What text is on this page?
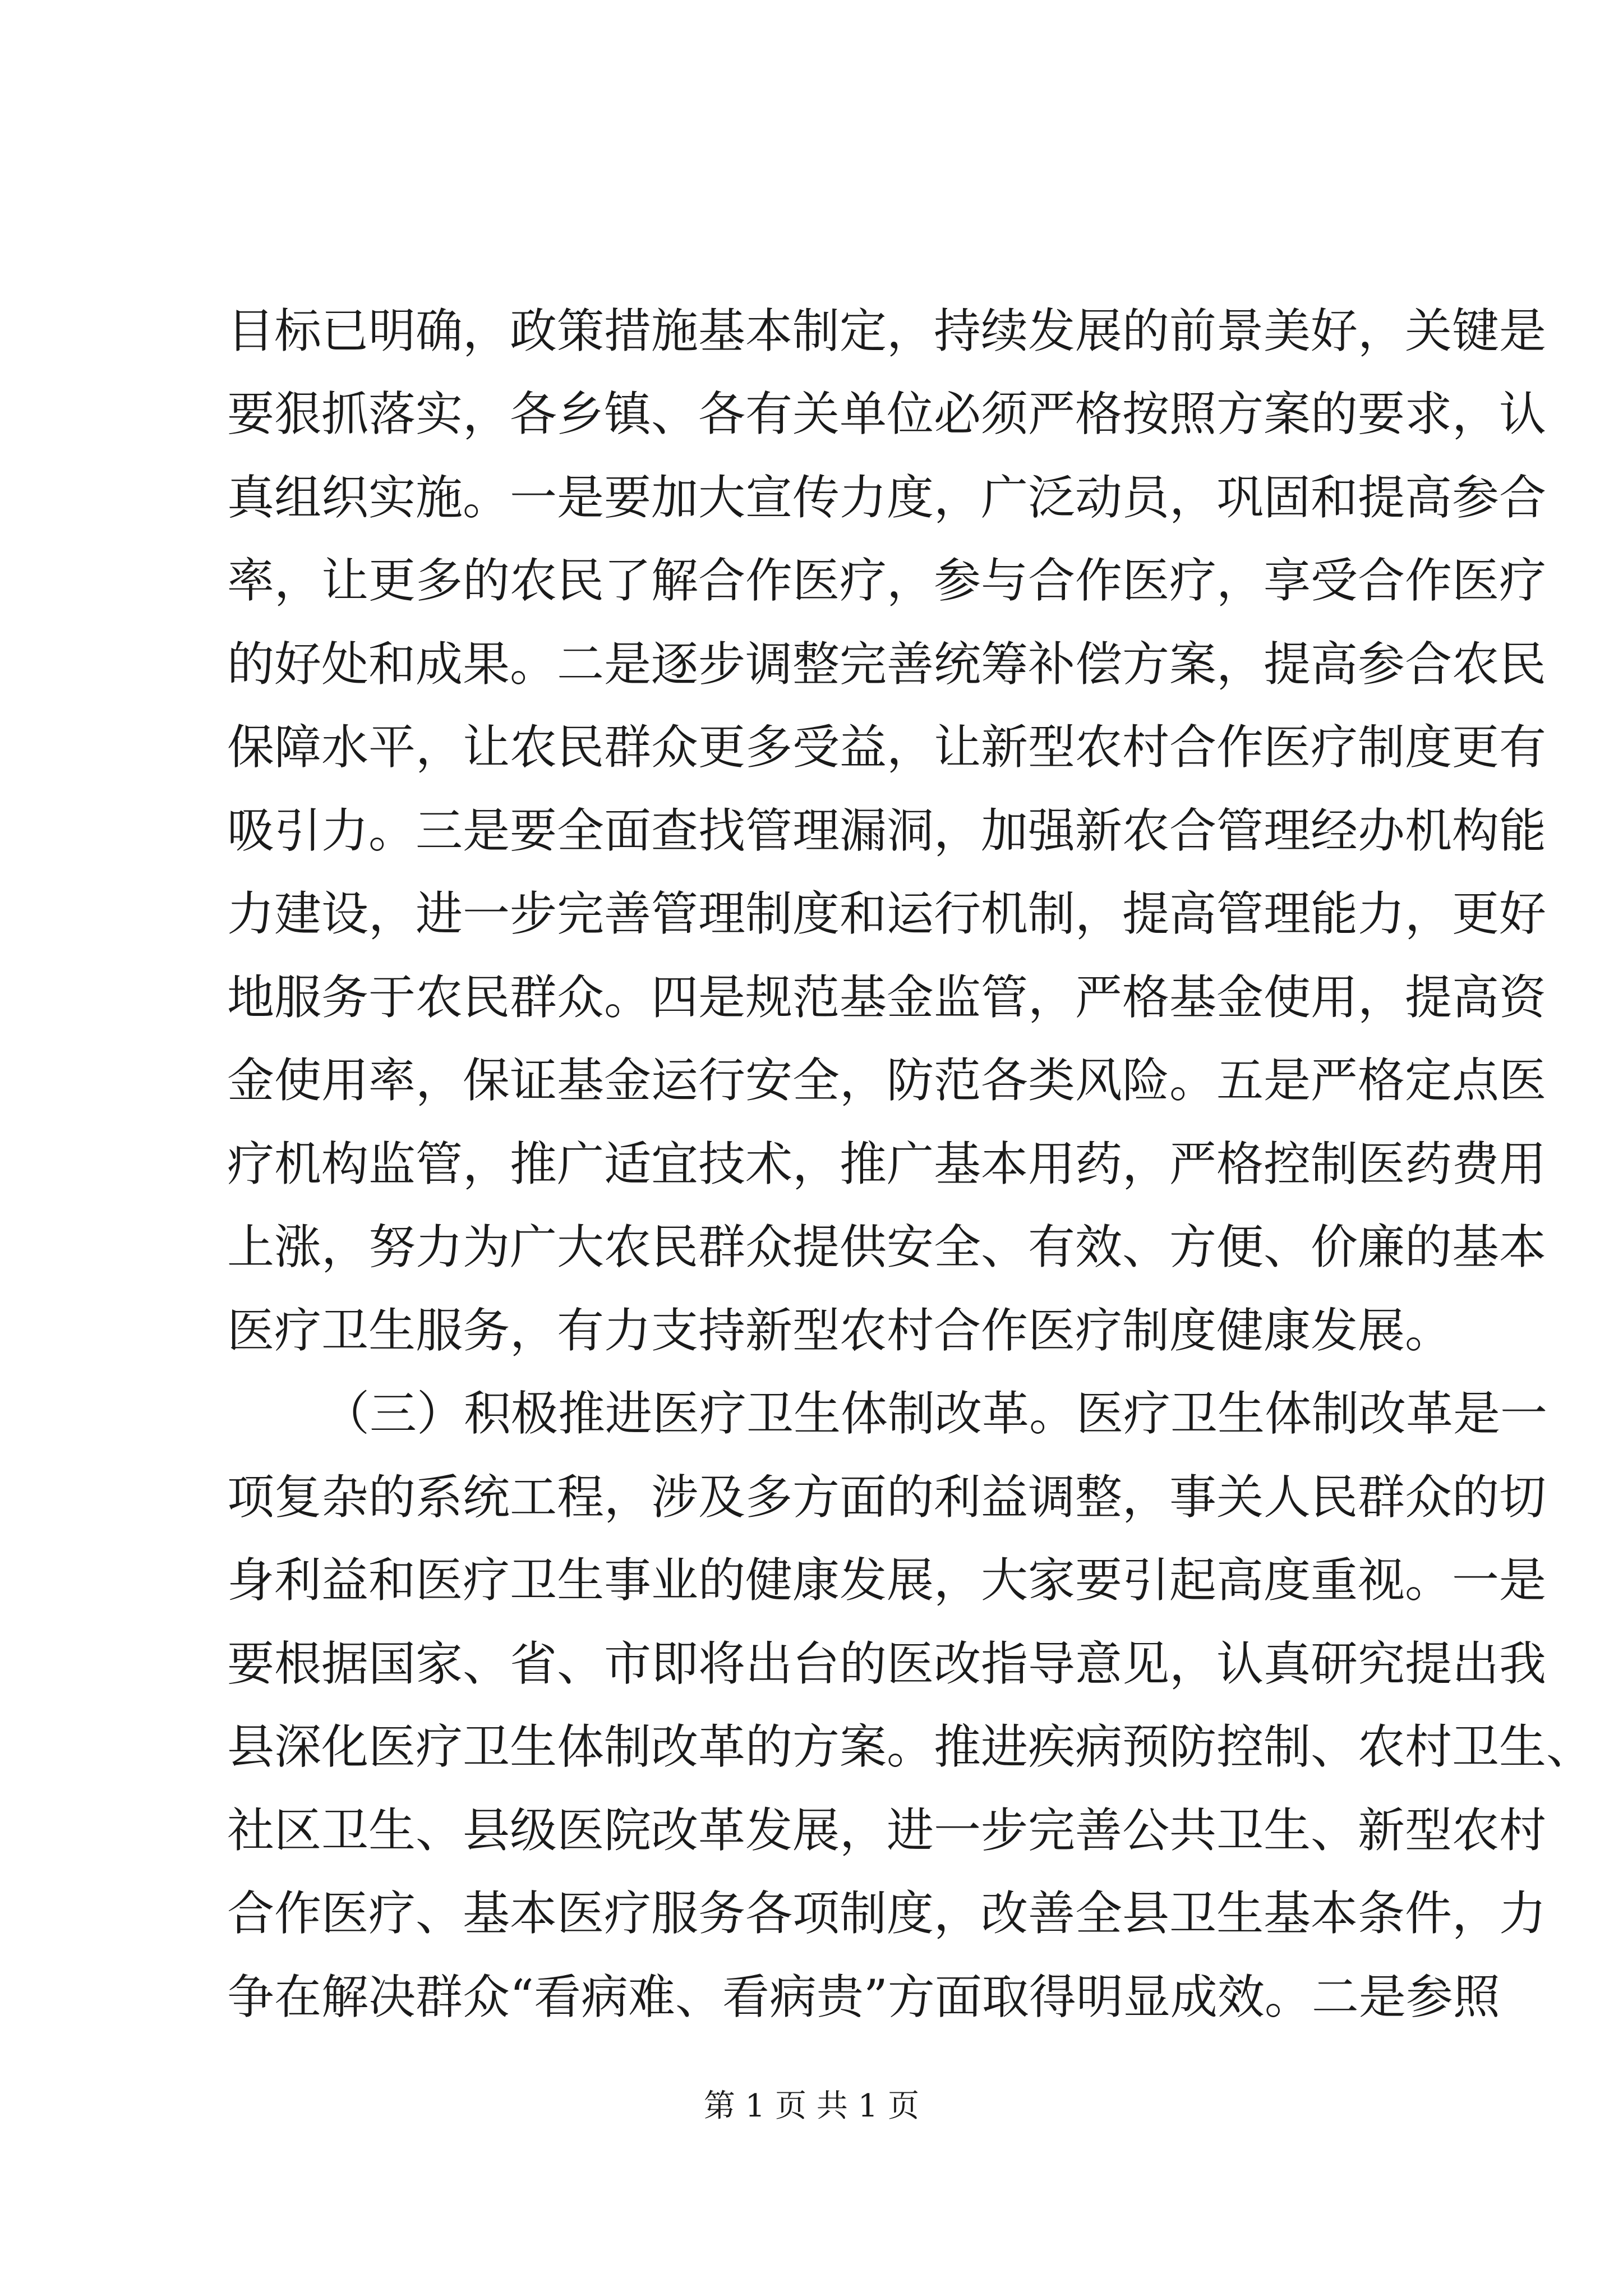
目标已明确，政策措施基本制定，持续发展的前景美好，关键是
要狠抓落实，各乡镇、各有关单位必须严格按照方案的要求，认
真组织实施。一是要加大宣传力度，广泛动员，巩固和提高参合
率，让更多的农民了解合作医疗，参与合作医疗，享受合作医疗
的好处和成果。二是逐步调整完善统筹补偿方案，提高参合农民
保障水平，让农民群众更多受益，让新型农村合作医疗制度更有
吸引力。三是要全面查找管理漏洞，加强新农合管理经办机构能
力建设，进一步完善管理制度和运行机制，提高管理能力，更好
地服务于农民群众。四是规范基金监管，严格基金使用，提高资
金使用率，保证基金运行安全，防范各类风险。五是严格定点医
疗机构监管，推广适宜技术，推广基本用药，严格控制医药费用
上涨，努力为广大农民群众提供安全、有效、方便、价廉的基本
医疗卫生服务，有力支持新型农村合作医疗制度健康发展。
（三）积极推进医疗卫生体制改革。医疗卫生体制改革是一
项复杂的系统工程，涉及多方面的利益调整，事关人民群众的切
身利益和医疗卫生事业的健康发展，大家要引起高度重视。一是
要根据国家、省、市即将出台的医改指导意见，认真研究提出我
县深化医疗卫生体制改革的方案。推进疾病预防控制、农村卫生、
社区卫生、县级医院改革发展，进一步完善公共卫生、新型农村
合作医疗、基本医疗服务各项制度，改善全县卫生基本条件，力
争在解决群众“看病难、看病贵”方面取得明显成效。二是参照
第 1 页 共 1 页
